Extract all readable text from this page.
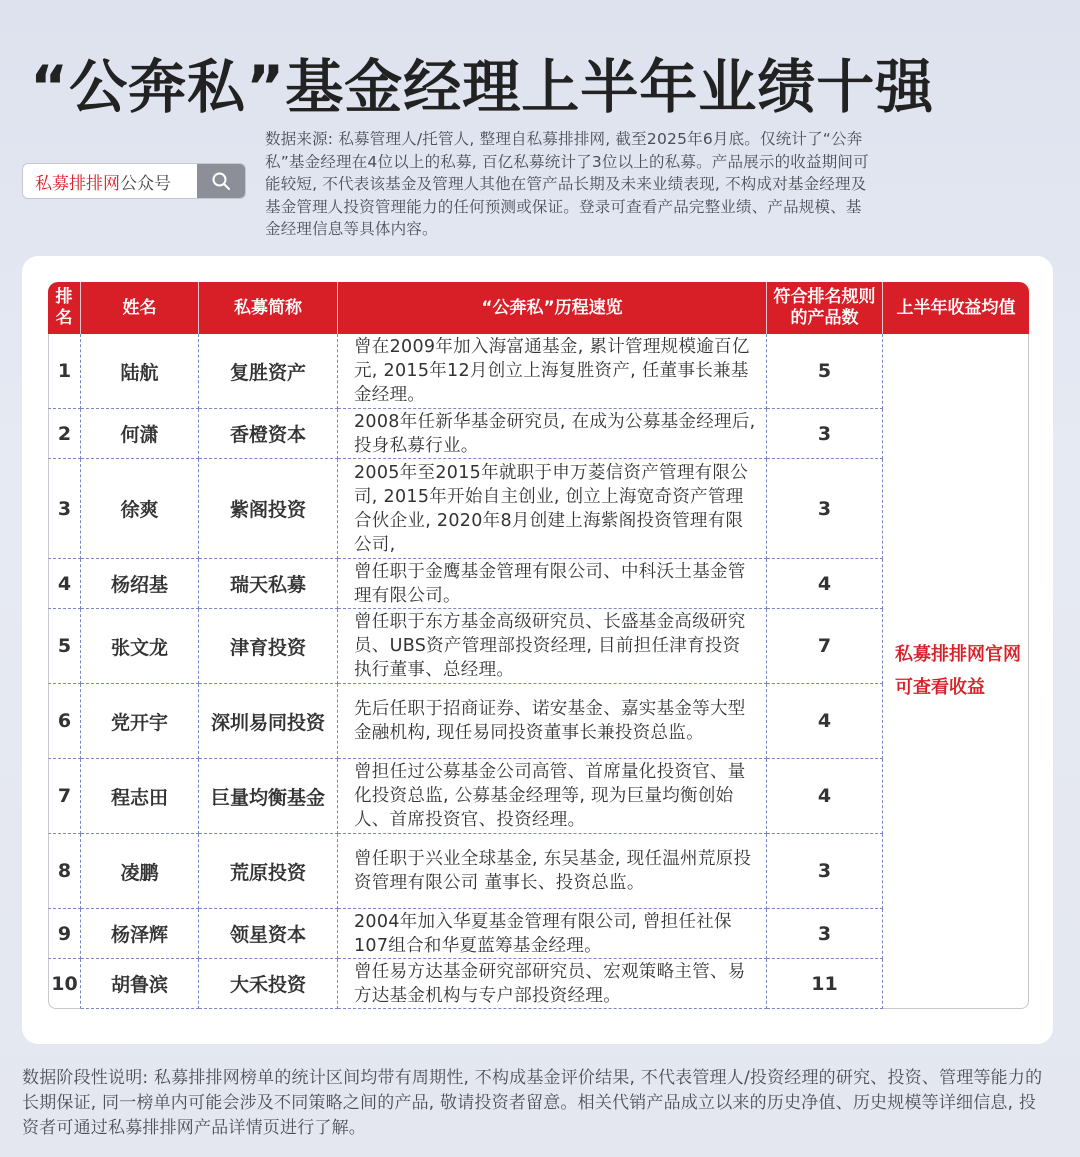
“公奔私”基金经理上半年业绩十强
私募排排网 公众号
数据来源: 私募管理人/托管人, 整理自私募排排网, 截至2025年6月底。仅统计了“公奔私”基金经理在4位以上的私募, 百亿私募统计了3位以上的私募。产品展示的收益期间可能较短, 不代表该基金及管理人其他在管产品长期及未来业绩表现, 不构成对基金经理及基金管理人投资管理能力的任何预测或保证。登录可查看产品完整业绩、产品规模、基金经理信息等具体内容。
排名	姓名	私募简称	“公奔私”历程速览	符合排名规则的产品数	上半年收益均值
1	陆航	复胜资产	曾在2009年加入海富通基金, 累计管理规模逾百亿元, 2015年12月创立上海复胜资产, 任董事长兼基金经理。	5	私募排排网官网
可查看收益

2	何潇	香橙资本	2008年任新华基金研究员, 在成为公募基金经理后, 投身私募行业。	3	
3	徐爽	紫阁投资	2005年至2015年就职于申万菱信资产管理有限公司, 2015年开始自主创业, 创立上海宽奇资产管理合伙企业, 2020年8月创建上海紫阁投资管理有限公司,	3	
4	杨绍基	瑞天私募	曾任职于金鹰基金管理有限公司、中科沃土基金管理有限公司。	4	
5	张文龙	津育投资	曾任职于东方基金高级研究员、长盛基金高级研究员、UBS资产管理部投资经理, 目前担任津育投资执行董事、总经理。	7	
6	党开宇	深圳易同投资	先后任职于招商证券、诺安基金、嘉实基金等大型金融机构, 现任易同投资董事长兼投资总监。	4	
7	程志田	巨量均衡基金	曾担任过公募基金公司高管、首席量化投资官、量化投资总监, 公募基金经理等, 现为巨量均衡创始人、首席投资官、投资经理。	4	
8	凌鹏	荒原投资	曾任职于兴业全球基金, 东吴基金, 现任温州荒原投资管理有限公司 董事长、投资总监。	3	
9	杨泽辉	领星资本	2004年加入华夏基金管理有限公司, 曾担任社保107组合和华夏蓝筹基金经理。	3	
10	胡鲁滨	大禾投资	曾任易方达基金研究部研究员、宏观策略主管、易方达基金机构与专户部投资经理。	11	
数据阶段性说明: 私募排排网榜单的统计区间均带有周期性, 不构成基金评价结果, 不代表管理人/投资经理的研究、投资、管理等能力的长期保证, 同一榜单内可能会涉及不同策略之间的产品, 敬请投资者留意。相关代销产品成立以来的历史净值、历史规模等详细信息, 投资者可通过私募排排网产品详情页进行了解。
